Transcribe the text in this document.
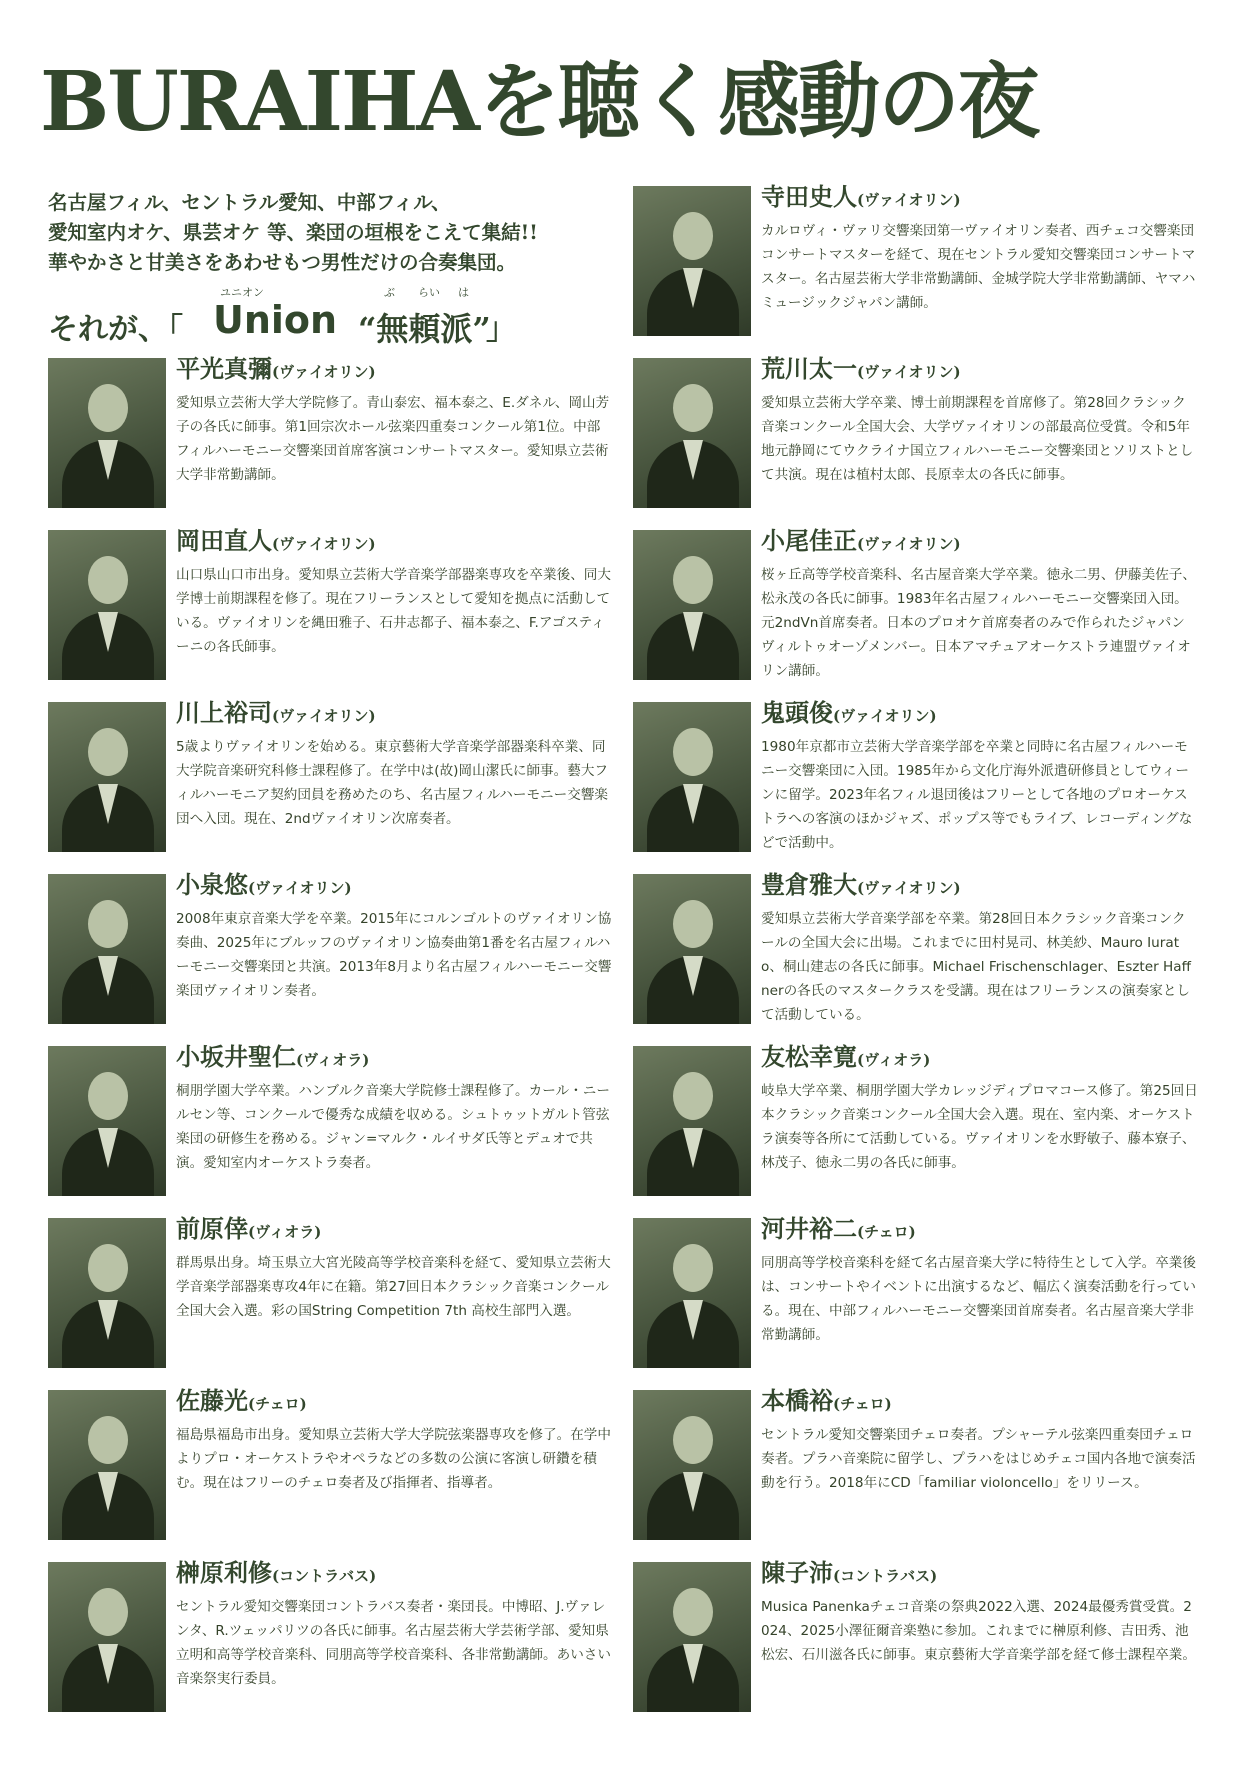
BURAIHAを聴く感動の夜
名古屋フィル、セントラル愛知、中部フィル、
愛知室内オケ、県芸オケ 等、楽団の垣根をこえて集結!!
華やかさと甘美さをあわせもつ男性だけの合奏集団。
それが、「
ユニオン
Union
ぶ らい は
“無頼派”
」
平光真彌(ヴァイオリン)
愛知県立芸術大学大学院修了。青山泰宏、福本泰之、E.ダネル、岡山芳子の各氏に師事。第1回宗次ホール弦楽四重奏コンクール第1位。中部フィルハーモニー交響楽団首席客演コンサートマスター。愛知県立芸術大学非常勤講師。
岡田直人(ヴァイオリン)
山口県山口市出身。愛知県立芸術大学音楽学部器楽専攻を卒業後、同大学博士前期課程を修了。現在フリーランスとして愛知を拠点に活動している。ヴァイオリンを縄田雅子、石井志都子、福本泰之、F.アゴスティーニの各氏師事。
川上裕司(ヴァイオリン)
5歳よりヴァイオリンを始める。東京藝術大学音楽学部器楽科卒業、同大学院音楽研究科修士課程修了。在学中は(故)岡山潔氏に師事。藝大フィルハーモニア契約団員を務めたのち、名古屋フィルハーモニー交響楽団へ入団。現在、2ndヴァイオリン次席奏者。
小泉悠(ヴァイオリン)
2008年東京音楽大学を卒業。2015年にコルンゴルトのヴァイオリン協奏曲、2025年にブルッフのヴァイオリン協奏曲第1番を名古屋フィルハーモニー交響楽団と共演。2013年8月より名古屋フィルハーモニー交響楽団ヴァイオリン奏者。
小坂井聖仁(ヴィオラ)
桐朋学園大学卒業。ハンブルク音楽大学院修士課程修了。カール・ニールセン等、コンクールで優秀な成績を収める。シュトゥットガルト管弦楽団の研修生を務める。ジャン=マルク・ルイサダ氏等とデュオで共演。愛知室内オーケストラ奏者。
前原倖(ヴィオラ)
群馬県出身。埼玉県立大宮光陵高等学校音楽科を経て、愛知県立芸術大学音楽学部器楽専攻4年に在籍。第27回日本クラシック音楽コンクール全国大会入選。彩の国String Competition 7th 高校生部門入選。
佐藤光(チェロ)
福島県福島市出身。愛知県立芸術大学大学院弦楽器専攻を修了。在学中よりプロ・オーケストラやオペラなどの多数の公演に客演し研鑽を積む。現在はフリーのチェロ奏者及び指揮者、指導者。
榊原利修(コントラバス)
セントラル愛知交響楽団コントラバス奏者・楽団長。中博昭、J.ヴァレンタ、R.ツェッパリツの各氏に師事。名古屋芸術大学芸術学部、愛知県立明和高等学校音楽科、同朋高等学校音楽科、各非常勤講師。あいさい音楽祭実行委員。
寺田史人(ヴァイオリン)
カルロヴィ・ヴァリ交響楽団第一ヴァイオリン奏者、西チェコ交響楽団コンサートマスターを経て、現在セントラル愛知交響楽団コンサートマスター。名古屋芸術大学非常勤講師、金城学院大学非常勤講師、ヤマハミュージックジャパン講師。
荒川太一(ヴァイオリン)
愛知県立芸術大学卒業、博士前期課程を首席修了。第28回クラシック音楽コンクール全国大会、大学ヴァイオリンの部最高位受賞。令和5年地元静岡にてウクライナ国立フィルハーモニー交響楽団とソリストとして共演。現在は植村太郎、長原幸太の各氏に師事。
小尾佳正(ヴァイオリン)
桜ヶ丘高等学校音楽科、名古屋音楽大学卒業。徳永二男、伊藤美佐子、松永茂の各氏に師事。1983年名古屋フィルハーモニー交響楽団入団。元2ndVn首席奏者。日本のプロオケ首席奏者のみで作られたジャパンヴィルトゥオーゾメンバー。日本アマチュアオーケストラ連盟ヴァイオリン講師。
鬼頭俊(ヴァイオリン)
1980年京都市立芸術大学音楽学部を卒業と同時に名古屋フィルハーモニー交響楽団に入団。1985年から文化庁海外派遣研修員としてウィーンに留学。2023年名フィル退団後はフリーとして各地のプロオーケストラへの客演のほかジャズ、ポップス等でもライブ、レコーディングなどで活動中。
豊倉雅大(ヴァイオリン)
愛知県立芸術大学音楽学部を卒業。第28回日本クラシック音楽コンクールの全国大会に出場。これまでに田村晃司、林美紗、Mauro Iurato、桐山建志の各氏に師事。Michael Frischenschlager、Eszter Haffnerの各氏のマスタークラスを受講。現在はフリーランスの演奏家として活動している。
友松幸寛(ヴィオラ)
岐阜大学卒業、桐朋学園大学カレッジディプロマコース修了。第25回日本クラシック音楽コンクール全国大会入選。現在、室内楽、オーケストラ演奏等各所にて活動している。ヴァイオリンを水野敏子、藤本寮子、林茂子、徳永二男の各氏に師事。
河井裕二(チェロ)
同朋高等学校音楽科を経て名古屋音楽大学に特待生として入学。卒業後は、コンサートやイベントに出演するなど、幅広く演奏活動を行っている。現在、中部フィルハーモニー交響楽団首席奏者。名古屋音楽大学非常勤講師。
本橋裕(チェロ)
セントラル愛知交響楽団チェロ奏者。プシャーテル弦楽四重奏団チェロ奏者。プラハ音楽院に留学し、プラハをはじめチェコ国内各地で演奏活動を行う。2018年にCD「familiar violoncello」をリリース。
陳子沛(コントラバス)
Musica Panenkaチェコ音楽の祭典2022入選、2024最優秀賞受賞。2024、2025小澤征爾音楽塾に参加。これまでに榊原利修、吉田秀、池松宏、石川滋各氏に師事。東京藝術大学音楽学部を経て修士課程卒業。
